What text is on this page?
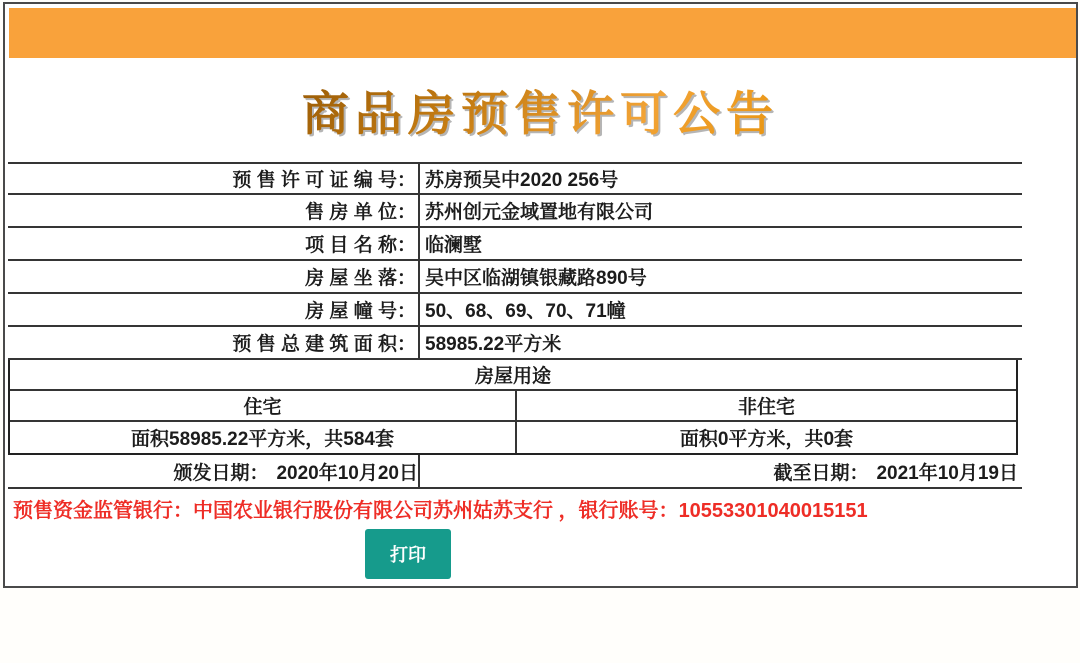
商品房预售许可公告
预 售 许 可 证 编 号： 苏房预吴中2020 256号
售 房 单 位： 苏州创元金域置地有限公司
项 目 名 称： 临澜墅
房 屋 坐 落： 吴中区临湖镇银藏路890号
房 屋 幢 号： 50、68、69、70、71幢
预 售 总 建 筑 面 积： 58985.22平方米
房屋用途
住宅	非住宅
面积58985.22平方米，共584套	面积0平方米，共0套
颁发日期： 2020年10月20日	截至日期： 2021年10月19日
预售资金监管银行：中国农业银行股份有限公司苏州姑苏支行 ，银行账号：10553301040015151
打印
